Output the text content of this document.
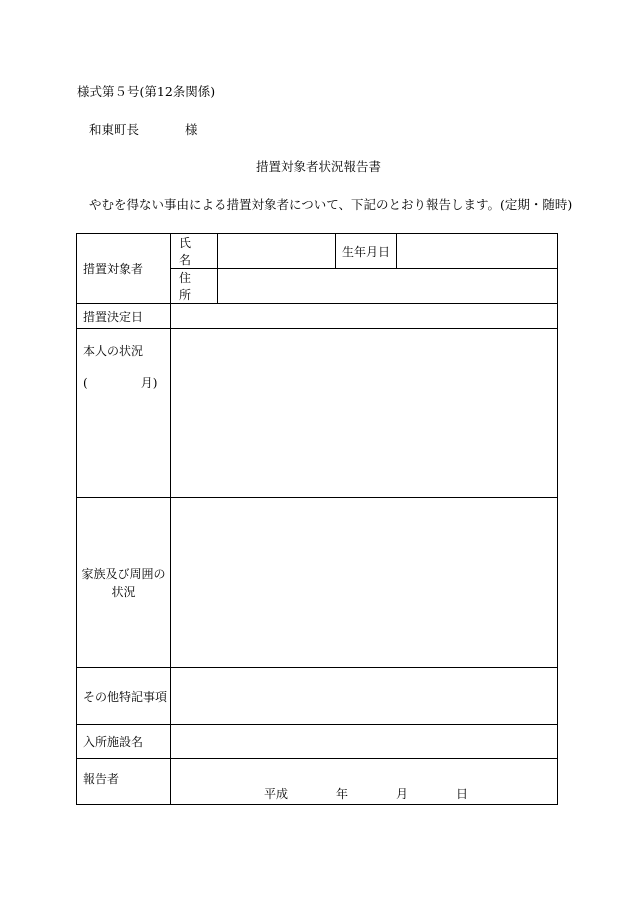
様式第５号(第12条関係)
和東町長	様
措置対象者状況報告書
やむを得ない事由による措置対象者について、下記のとおり報告します。(定期・随時)
措置対象者	氏 名		生年月日	
	住 所			
措置決定日				

本人の状況
( 月)				

家族及び周囲の
状況				

その他特記事項				
入所施設名				
報告者	平成 年 月 日			
